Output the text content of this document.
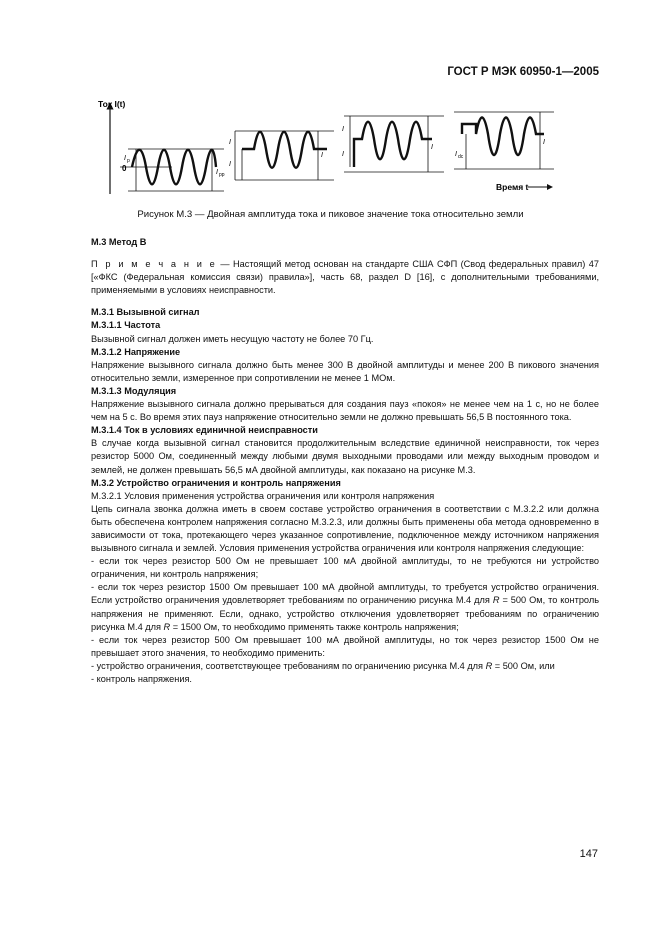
ГОСТ Р МЭК 60950-1—2005
Ток I(t)
0
I p
I pp
I
I
I
I
I
I
I dc
I
Время t
Рисунок М.3 — Двойная амплитуда тока и пиковое значение тока относительно земли

М.3 Метод В

П р и м е ч а н и е — Настоящий метод основан на стандарте США СФП (Свод федеральных правил) 47 [«ФКС (Федеральная комиссия связи) правила»], часть 68, раздел D [16], с дополнительными требованиями, применяемыми в условиях неисправности.

М.3.1 Вызывной сигнал

М.3.1.1 Частота

Вызывной сигнал должен иметь несущую частоту не более 70 Гц.

М.3.1.2 Напряжение

Напряжение вызывного сигнала должно быть менее 300 В двойной амплитуды и менее 200 В пикового значения относительно земли, измеренное при сопротивлении не менее 1 МОм.

М.3.1.3 Модуляция

Напряжение вызывного сигнала должно прерываться для создания пауз «покоя» не менее чем на 1 с, но не более чем на 5 с. Во время этих пауз напряжение относительно земли не должно превышать 56,5 В постоянного тока.

М.3.1.4 Ток в условиях единичной неисправности

В случае когда вызывной сигнал становится продолжительным вследствие единичной неисправности, ток через резистор 5000 Ом, соединенный между любыми двумя выходными проводами или между выходным проводом и землей, не должен превышать 56,5 мА двойной амплитуды, как показано на рисунке М.3.

М.3.2 Устройство ограничения и контроль напряжения

М.3.2.1 Условия применения устройства ограничения или контроля напряжения

Цепь сигнала звонка должна иметь в своем составе устройство ограничения в соответствии с М.3.2.2 или должна быть обеспечена контролем напряжения согласно М.3.2.3, или должны быть применены оба метода одновременно в зависимости от тока, протекающего через указанное сопротивление, подключенное между источником напряжения вызывного сигнала и землей. Условия применения устройства ограничения или контроля напряжения следующие:

- если ток через резистор 500 Ом не превышает 100 мА двойной амплитуды, то не требуются ни устройство ограничения, ни контроль напряжения;

- если ток через резистор 1500 Ом превышает 100 мА двойной амплитуды, то требуется устройство ограничения. Если устройство ограничения удовлетворяет требованиям по ограничению рисунка М.4 для R = 500 Ом, то контроль напряжения не применяют. Если, однако, устройство отключения удовлетворяет требованиям по ограничению рисунка М.4 для R = 1500 Ом, то необходимо применять также контроль напряжения;

- если ток через резистор 500 Ом превышает 100 мА двойной амплитуды, но ток через резистор 1500 Ом не превышает этого значения, то необходимо применить:

- устройство ограничения, соответствующее требованиям по ограничению рисунка М.4 для R = 500 Ом, или

- контроль напряжения.

147
